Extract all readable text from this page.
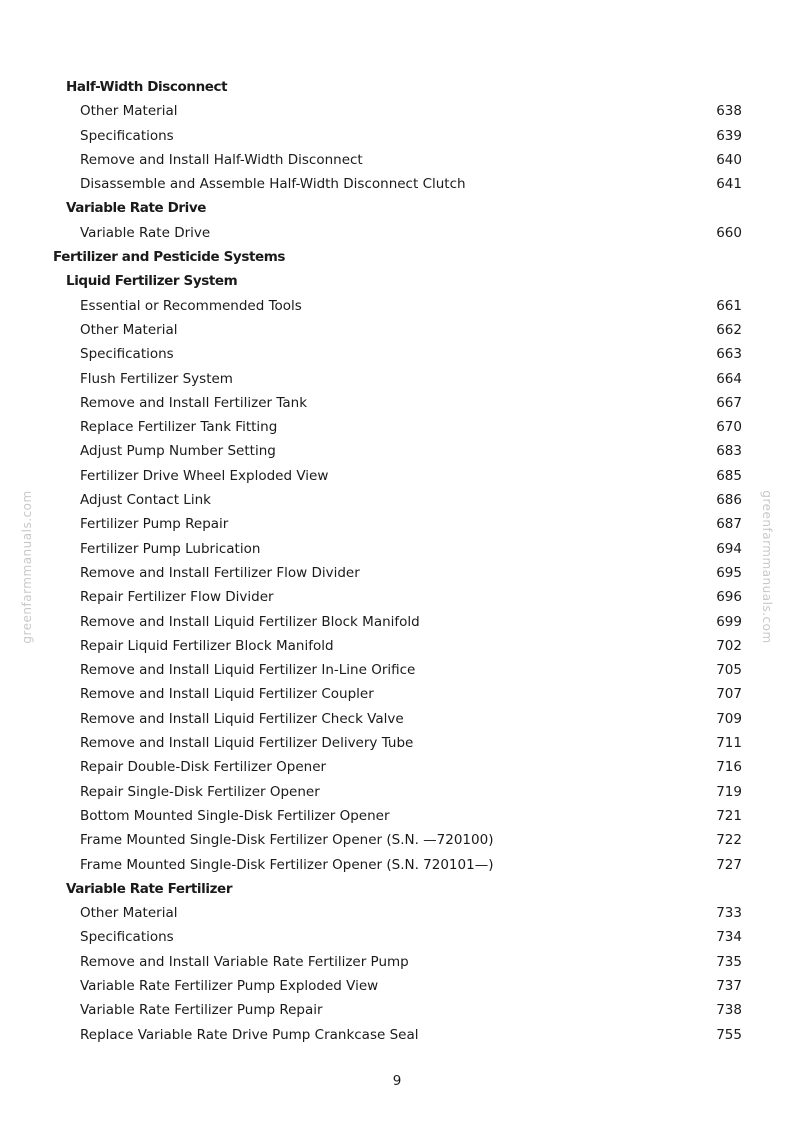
Half-Width Disconnect
Other Material	638
Specifications	639
Remove and Install Half-Width Disconnect	640
Disassemble and Assemble Half-Width Disconnect Clutch	641
Variable Rate Drive
Variable Rate Drive	660
Fertilizer and Pesticide Systems
Liquid Fertilizer System
Essential or Recommended Tools	661
Other Material	662
Specifications	663
Flush Fertilizer System	664
Remove and Install Fertilizer Tank	667
Replace Fertilizer Tank Fitting	670
Adjust Pump Number Setting	683
Fertilizer Drive Wheel Exploded View	685
Adjust Contact Link	686
Fertilizer Pump Repair	687
Fertilizer Pump Lubrication	694
Remove and Install Fertilizer Flow Divider	695
Repair Fertilizer Flow Divider	696
Remove and Install Liquid Fertilizer Block Manifold	699
Repair Liquid Fertilizer Block Manifold	702
Remove and Install Liquid Fertilizer In-Line Orifice	705
Remove and Install Liquid Fertilizer Coupler	707
Remove and Install Liquid Fertilizer Check Valve	709
Remove and Install Liquid Fertilizer Delivery Tube	711
Repair Double-Disk Fertilizer Opener	716
Repair Single-Disk Fertilizer Opener	719
Bottom Mounted Single-Disk Fertilizer Opener	721
Frame Mounted Single-Disk Fertilizer Opener (S.N. —720100)	722
Frame Mounted Single-Disk Fertilizer Opener (S.N. 720101—)	727
Variable Rate Fertilizer
Other Material	733
Specifications	734
Remove and Install Variable Rate Fertilizer Pump	735
Variable Rate Fertilizer Pump Exploded View	737
Variable Rate Fertilizer Pump Repair	738
Replace Variable Rate Drive Pump Crankcase Seal	755
greenfarmmanuals.com	greenfarmmanuals.com
9
